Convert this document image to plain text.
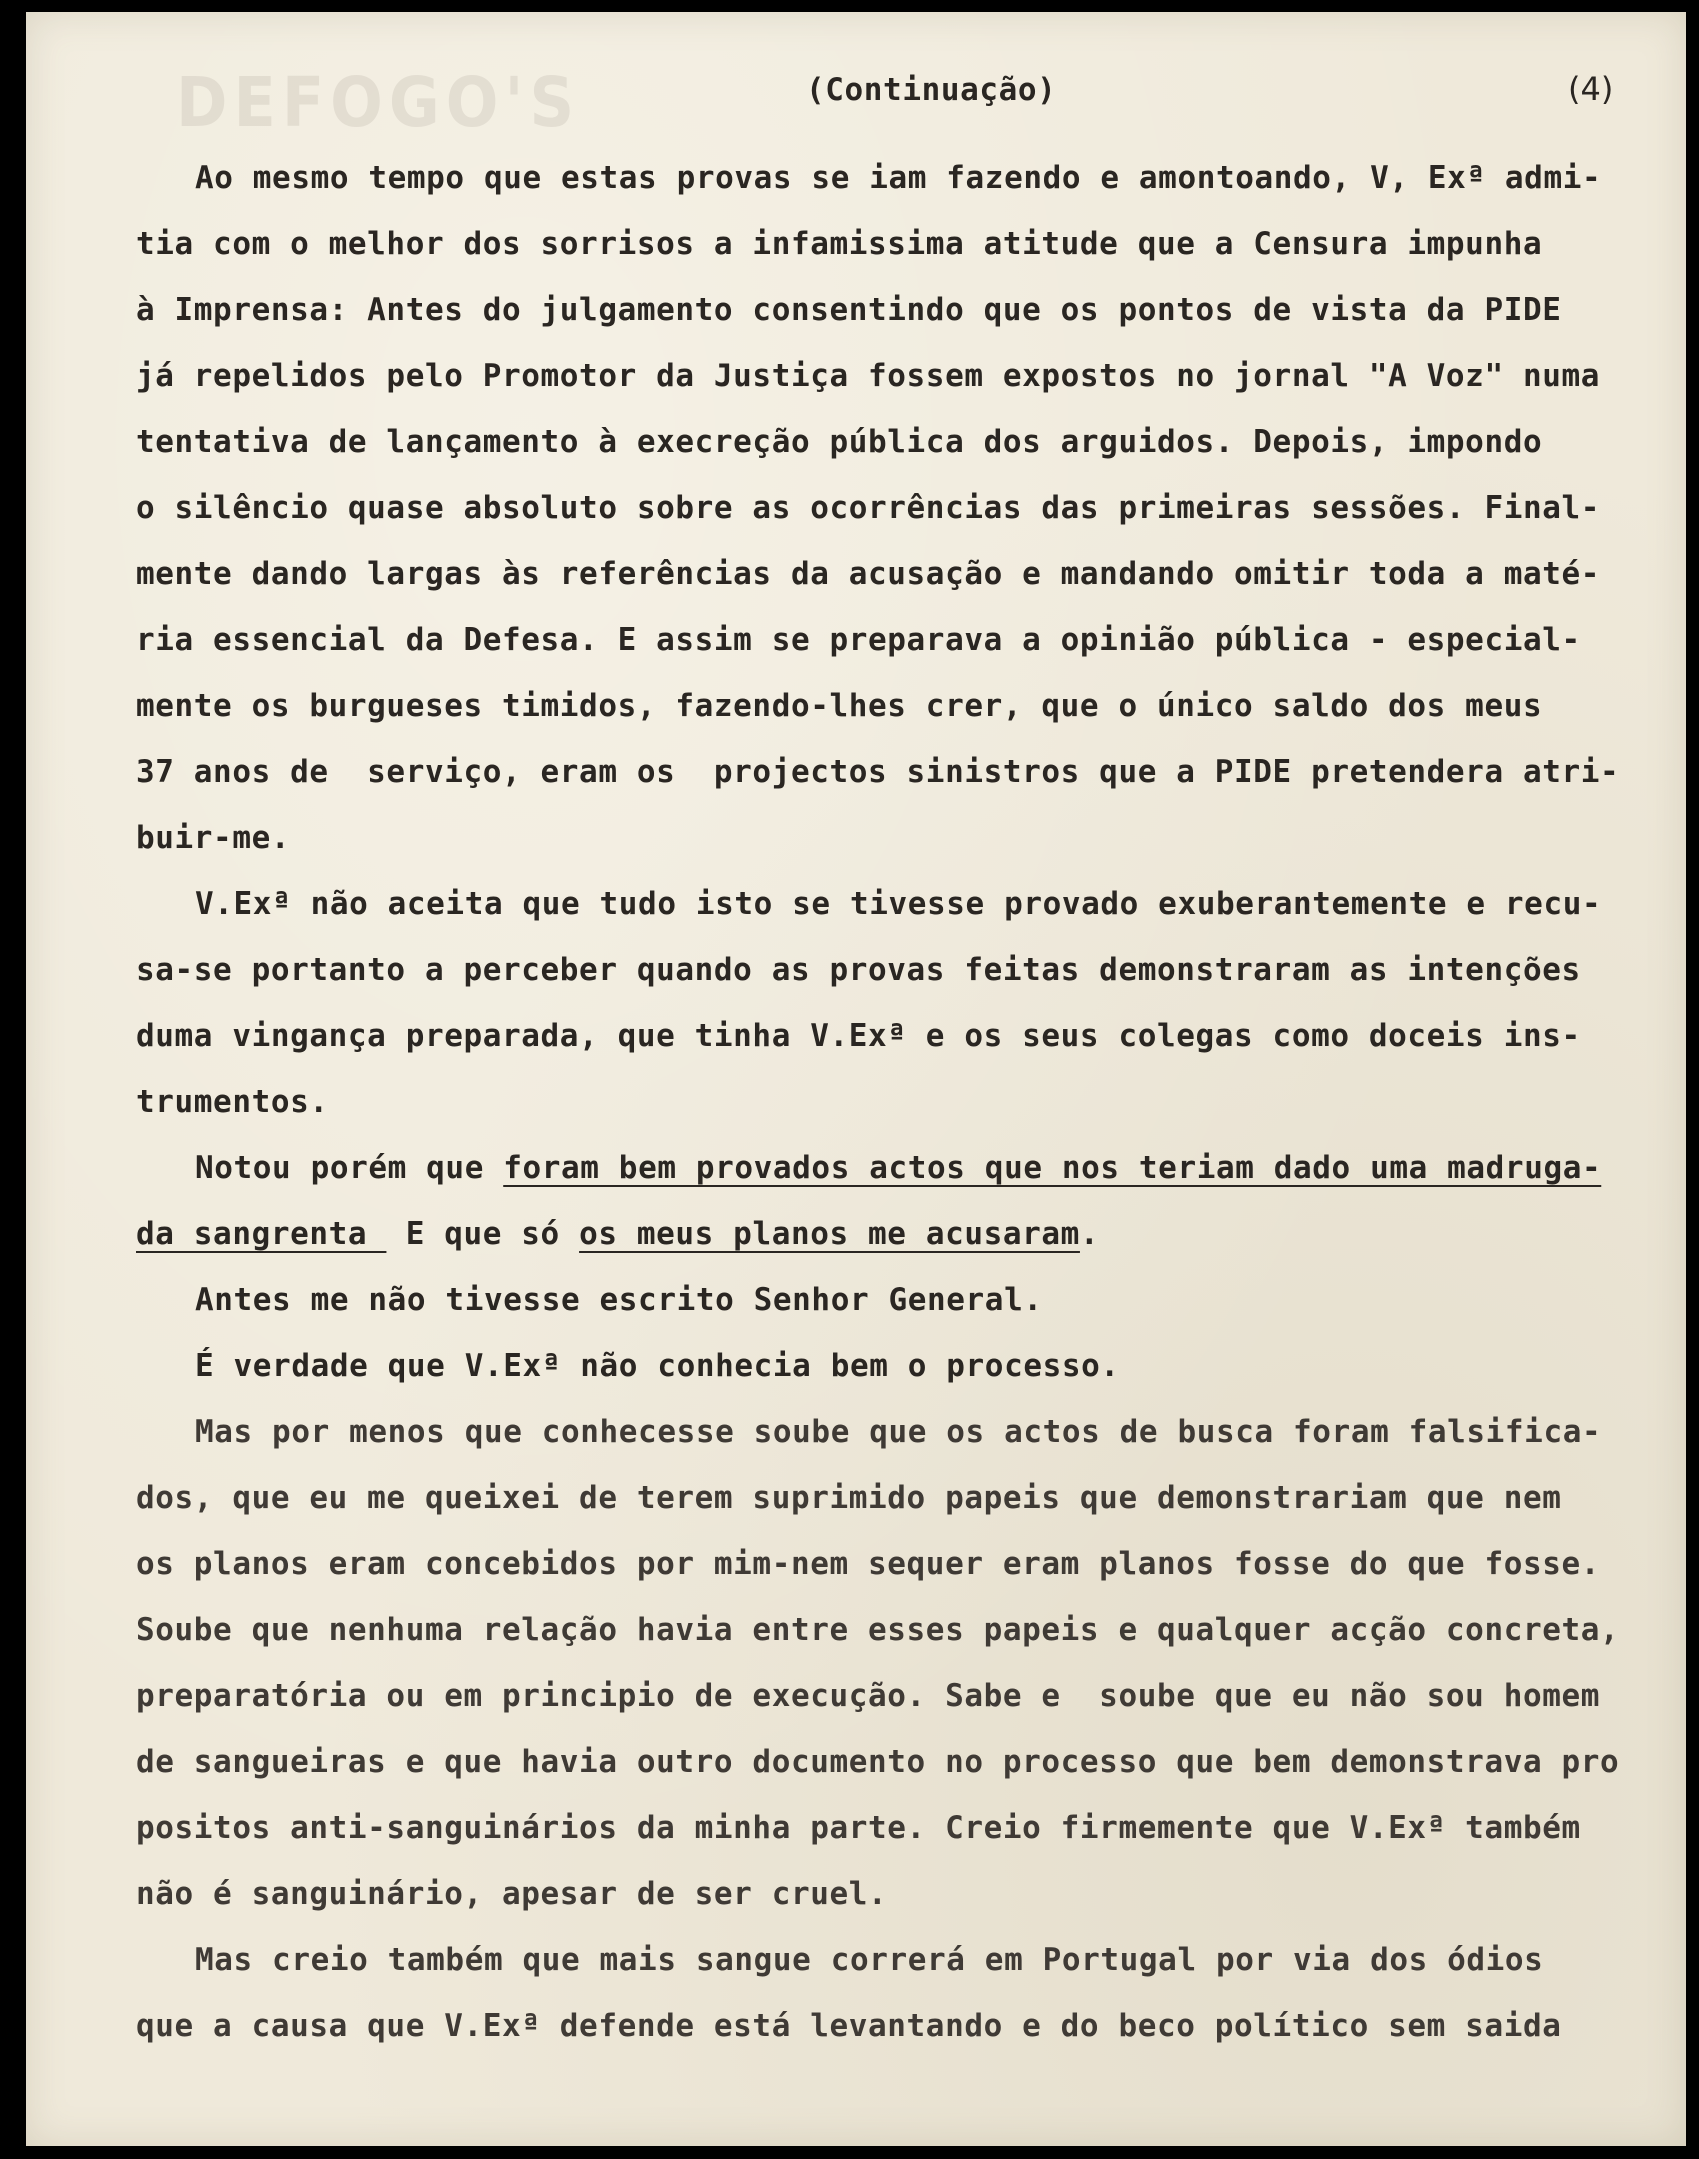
DEFOGO'S	(Continuação)	(4)
Ao mesmo tempo que estas provas se iam fazendo e amontoando, V, Exª admi-
tia com o melhor dos sorrisos a infamissima atitude que a Censura impunha
à Imprensa: Antes do julgamento consentindo que os pontos de vista da PIDE
já repelidos pelo Promotor da Justiça fossem expostos no jornal "A Voz" numa
tentativa de lançamento à execreção pública dos arguidos. Depois, impondo
o silêncio quase absoluto sobre as ocorrências das primeiras sessões. Final-
mente dando largas às referências da acusação e mandando omitir toda a maté-
ria essencial da Defesa. E assim se preparava a opinião pública - especial-
mente os burgueses timidos, fazendo-lhes crer, que o único saldo dos meus
37 anos de  serviço, eram os  projectos sinistros que a PIDE pretendera atri-
buir-me.
V.Exª não aceita que tudo isto se tivesse provado exuberantemente e recu-
sa-se portanto a perceber quando as provas feitas demonstraram as intenções
duma vingança preparada, que tinha V.Exª e os seus colegas como doceis ins-
trumentos.
Notou porém que foram bem provados actos que nos teriam dado uma madruga-
da sangrenta  E que só os meus planos me acusaram.
Antes me não tivesse escrito Senhor General.
É verdade que V.Exª não conhecia bem o processo.
Mas por menos que conhecesse soube que os actos de busca foram falsifica-
dos, que eu me queixei de terem suprimido papeis que demonstrariam que nem
os planos eram concebidos por mim-nem sequer eram planos fosse do que fosse.
Soube que nenhuma relação havia entre esses papeis e qualquer acção concreta,
preparatória ou em principio de execução. Sabe e  soube que eu não sou homem
de sangueiras e que havia outro documento no processo que bem demonstrava pro
positos anti-sanguinários da minha parte. Creio firmemente que V.Exª também
não é sanguinário, apesar de ser cruel.
Mas creio também que mais sangue correrá em Portugal por via dos ódios
que a causa que V.Exª defende está levantando e do beco político sem saida
